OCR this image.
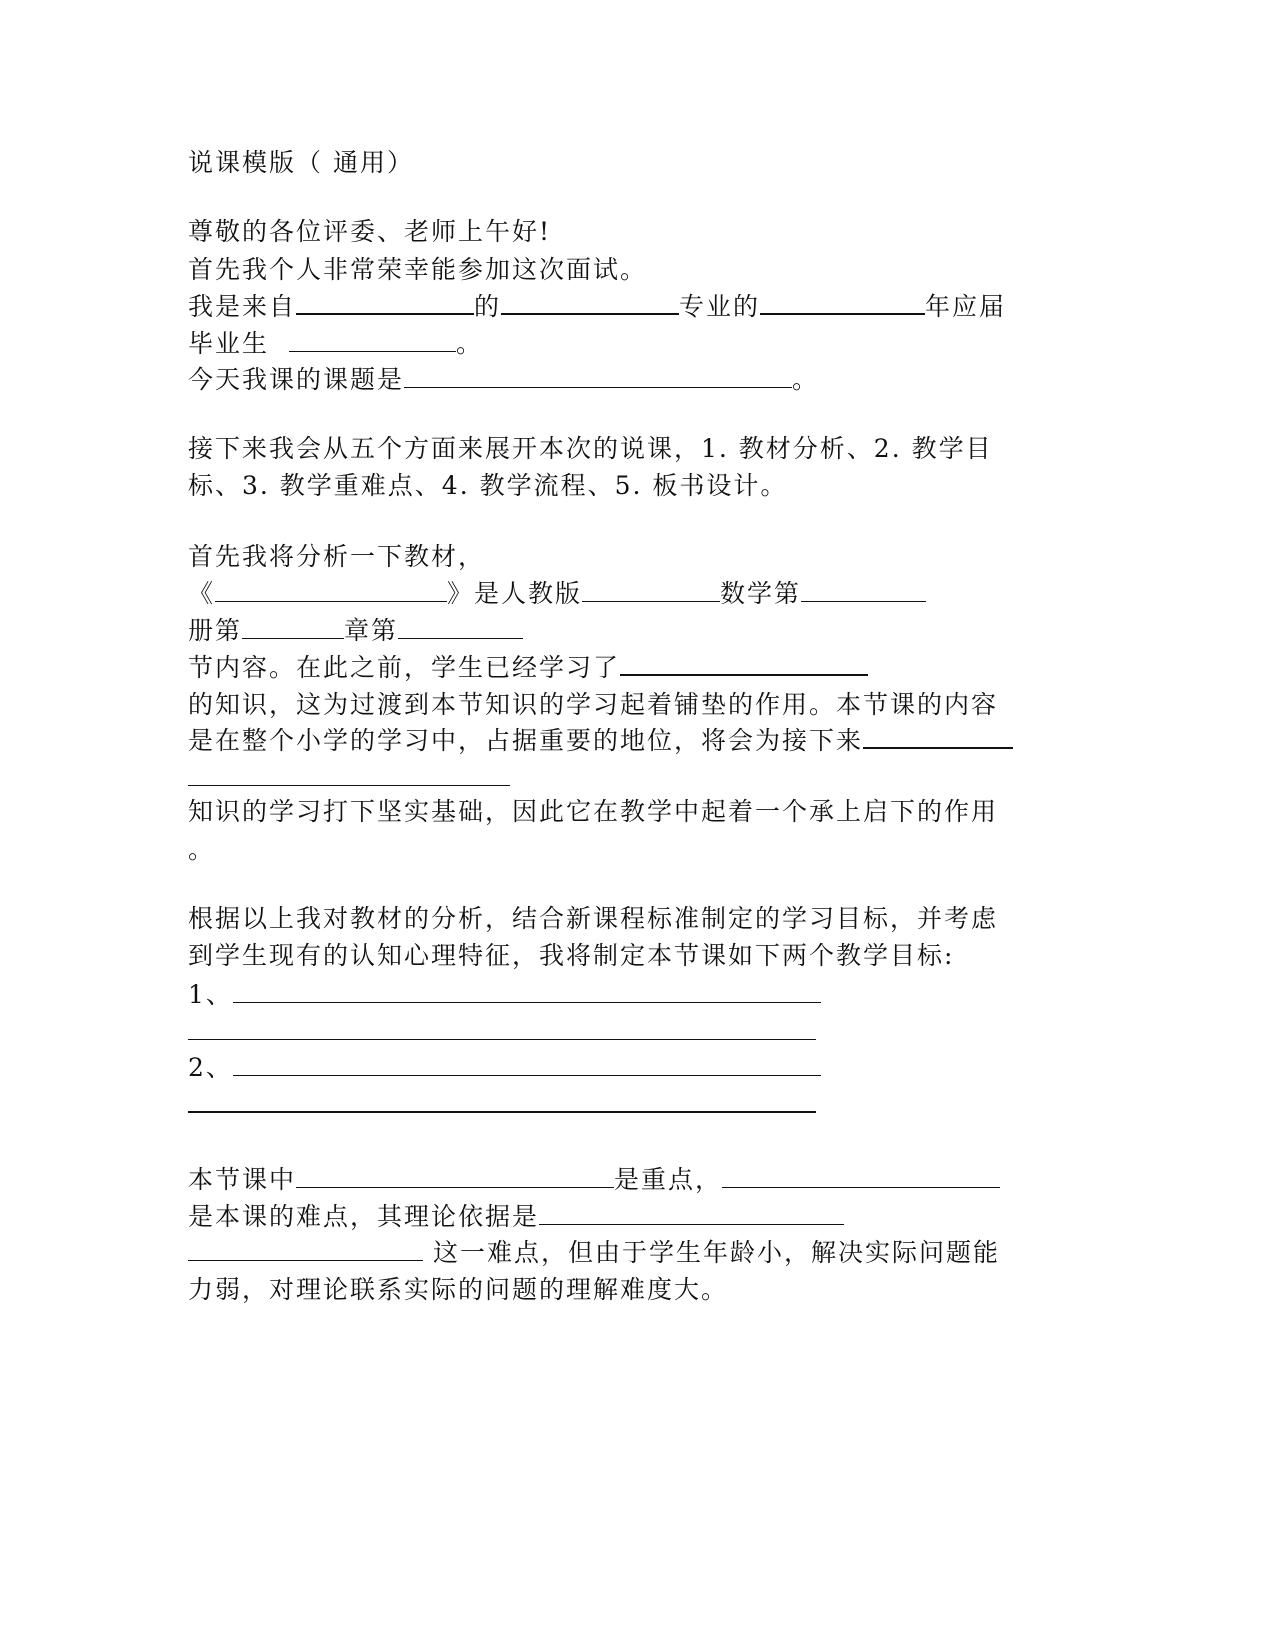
说课模版（ 通用）
尊敬的各位评委、老师上午好!
首先我个人非常荣幸能参加这次面试。
我是来自	的	专业的	年应届
毕业生	。
今天我课的课题是	。
接下来我会从五个方面来展开本次的说课，1. 教材分析、2. 教学目
标、3. 教学重难点、4. 教学流程、5. 板书设计。
首先我将分析一下教材，
《	》是人教版	数学第
册第	章第
节内容。在此之前，学生已经学习了
的知识，这为过渡到本节知识的学习起着铺垫的作用。本节课的内容
是在整个小学的学习中，占据重要的地位，将会为接下来
知识的学习打下坚实基础，因此它在教学中起着一个承上启下的作用
。
根据以上我对教材的分析，结合新课程标准制定的学习目标，并考虑
到学生现有的认知心理特征，我将制定本节课如下两个教学目标:
1、
2、
本节课中	是重点，
是本课的难点，其理论依据是
这一难点，但由于学生年龄小，解决实际问题能
力弱，对理论联系实际的问题的理解难度大。
